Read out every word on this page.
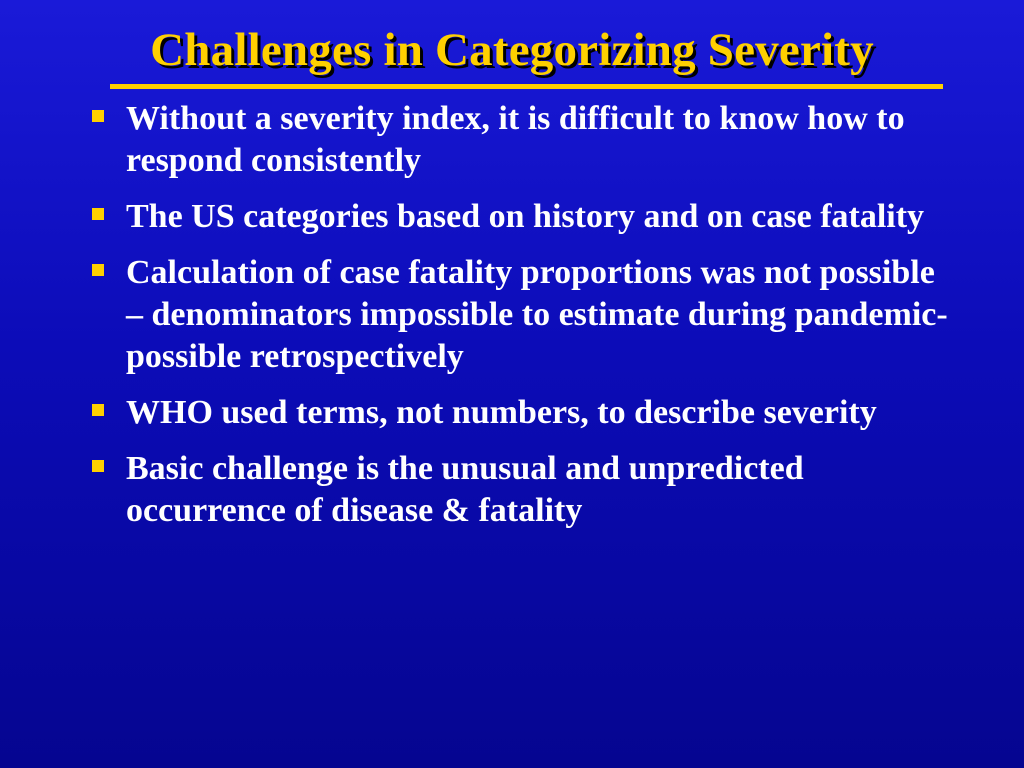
Challenges in Categorizing Severity
Without a severity index, it is difficult to know how to respond consistently
The US categories based on history and on case fatality
Calculation of case fatality proportions was not possible – denominators impossible to estimate during pandemic-possible retrospectively
WHO used terms, not numbers, to describe severity
Basic challenge is the unusual and unpredicted occurrence of disease & fatality
